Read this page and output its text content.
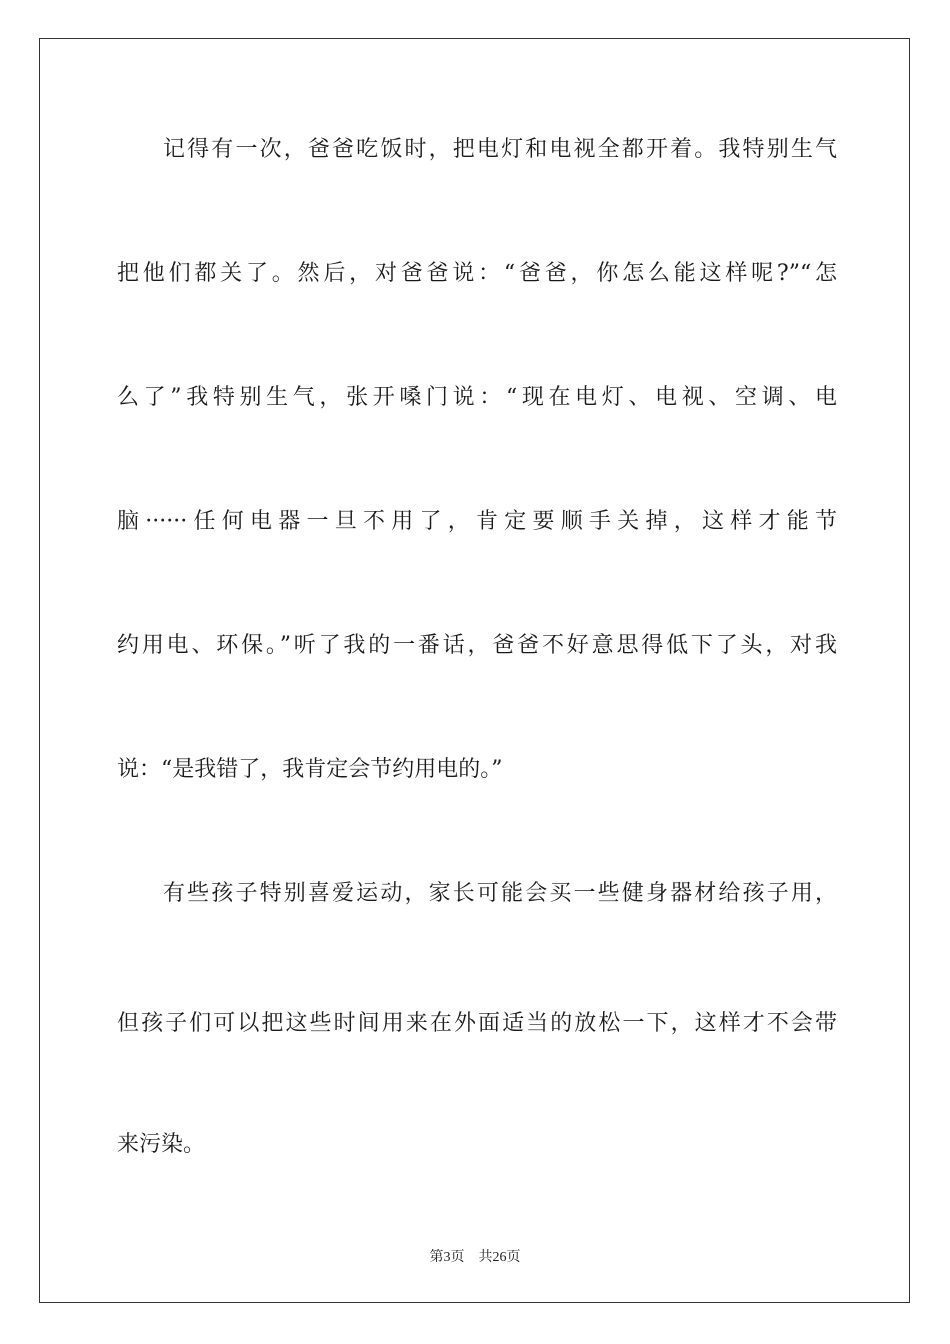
记得有一次，爸爸吃饭时，把电灯和电视全都开着。我特别生气
把他们都关了。然后，对爸爸说：“爸爸，你怎么能这样呢?”“怎
么了”我特别生气，张开嗓门说：“现在电灯、电视、空调、电
脑······任何电器一旦不用了，肯定要顺手关掉，这样才能节
约用电、环保。”听了我的一番话，爸爸不好意思得低下了头，对我
说：“是我错了，我肯定会节约用电的。”
有些孩子特别喜爱运动，家长可能会买一些健身器材给孩子用，
但孩子们可以把这些时间用来在外面适当的放松一下，这样才不会带
来污染。
第3页 共26页
